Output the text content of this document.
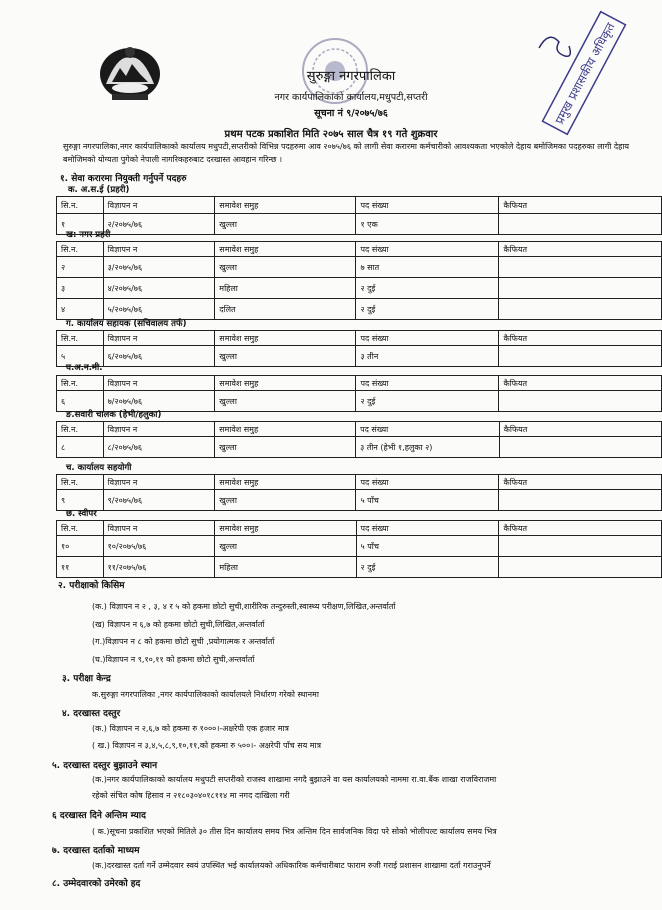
प्रमुख प्रशासकीय अधिकृत
सुरुङ्गा नगरपालिका
नगर कार्यपालिकाको कार्यालय,मधुपटी,सप्तरी
सूचना नं ९/२०७५/७६
प्रथम पटक प्रकाशित मिति २०७५ साल चैत्र १९ गते शुक्रवार
सुरुङ्गा नगरपालिका,नगर कार्यपालिकाको कार्यालय मधुपटी,सप्तरीको विभिन्न पदहरुमा आव २०७५/७६ को लागी सेवा करारमा कर्मचारीको आवश्यकता भएकोले देहाय बमोजिमका पदहरुका लागी देहाय बमोजिमको योग्यता पुगेको नेपाली नागरिकहरुबाट दरखास्त आवहान गरिन्छ ।
१. सेवा करारमा नियुक्ती गर्नुपर्ने पदहरु
क. अ.स.ई (प्रहरी)
सि.न.	विज्ञापन न	समावेश समुह	पद संख्या	कैफियत
१	२/२०७५/७६	खुल्ला	१ एक	
ख: नगर प्रहरी
सि.न.	विज्ञापन न	समावेश समुह	पद संख्या	कैफियत
२	३/२०७५/७६	खुल्ला	७ सात	
३	४/२०७५/७६	महिला	२ दुई	
४	५/२०७५/७६	दलित	२ दुई	
ग. कार्यालय सहायक (सचिवालय तर्फ)
सि.न.	विज्ञापन न	समावेश समुह	पद संख्या	कैफियत
५	६/२०७५/७६	खुल्ला	३ तीन	
घ.अ.न.मी.
सि.न.	विज्ञापन न	समावेश समुह	पद संख्या	कैफियत
६	७/२०७५/७६	खुल्ला	२ दुई	
ङ.सवारी चालक (हेभी/हलुका)
सि.न.	विज्ञापन न	समावेश समुह	पद संख्या	कैफियत
८	८/२०७५/७६	खुल्ला	३ तीन (हेभी १,हलुका २)	
च. कार्यालय सहयोगी
सि.न.	विज्ञापन न	समावेश समुह	पद संख्या	कैफियत
९	९/२०७५/७६	खुल्ला	५ पाँच	
छ. स्वीपर
सि.न.	विज्ञापन न	समावेश समुह	पद संख्या	कैफियत
१०	१०/२०७५/७६	खुल्ला	५ पाँच	
११	११/२०७५/७६	महिला	२ दुई	
२. परीक्षाको किसिम
(क.) विज्ञापन न २ , ३, ४ र ५ को हकमा छोटो सुची,शारीरिक तन्दुरुस्ती,स्वास्थ्य परीक्षण,लिखित,अन्तर्वार्ता
(ख) विज्ञापन न ६,७ को हकमा छोटो सुची,लिखित,अन्तर्वार्ता
(ग.)विज्ञापन न ८ को हकमा छोटो सुची ,प्रयोगात्मक र अन्तर्वार्ता
(घ.)विज्ञापन न ९,१०,११ को हकमा छोटो सुची,अन्तर्वार्ता
३. परीक्षा केन्द्र
क.सुरुङ्गा नगरपालिका ,नगर कार्यपालिकाको कार्यालयले निर्धारण गरेको स्थानमा
४. दरखास्त दस्तुर
(क.) विज्ञापन न २,६,७ को हकमा रु १०००।-अक्षरेपी एक हजार मात्र
( ख.) विज्ञापन न ३,४,५,८,९,१०,११,को हकमा रु ५००।- अक्षरेपी पाँच सय मात्र
५. दरखास्त दस्तुर बुझाउने स्थान
(क.)नगर कार्यपालिकाको कार्यालय मधुपटी सप्तरीको राजस्व शाखामा नगदै बुझाउने वा यस कार्यालयको नाममा रा.वा.बैंक शाखा राजविराजमा
रहेको संचित कोष हिसाव न २१८०३०४०१८११४ मा नगद दाखिला गरी
६ दरखास्त दिने अन्तिम म्याद
( क.)सूचना प्रकाशित भएको मितिले ३० तीस दिन कार्यालय समय भित्र अन्तिम दिन सार्वजनिक विदा परे सोको भोलीपल्ट कार्यालय समय भित्र
७. दरखास्त दर्ताको माध्यम
(क.)दरखास्त दर्ता गर्ने उम्मेदवार स्वयं उपस्थित भई कार्यालयको अधिकारिक कर्मचारीबाट फाराम रुजी गराई प्रशासन शाखामा दर्ता गराउनुपर्ने
८. उम्मेदवारको उमेरको हद
